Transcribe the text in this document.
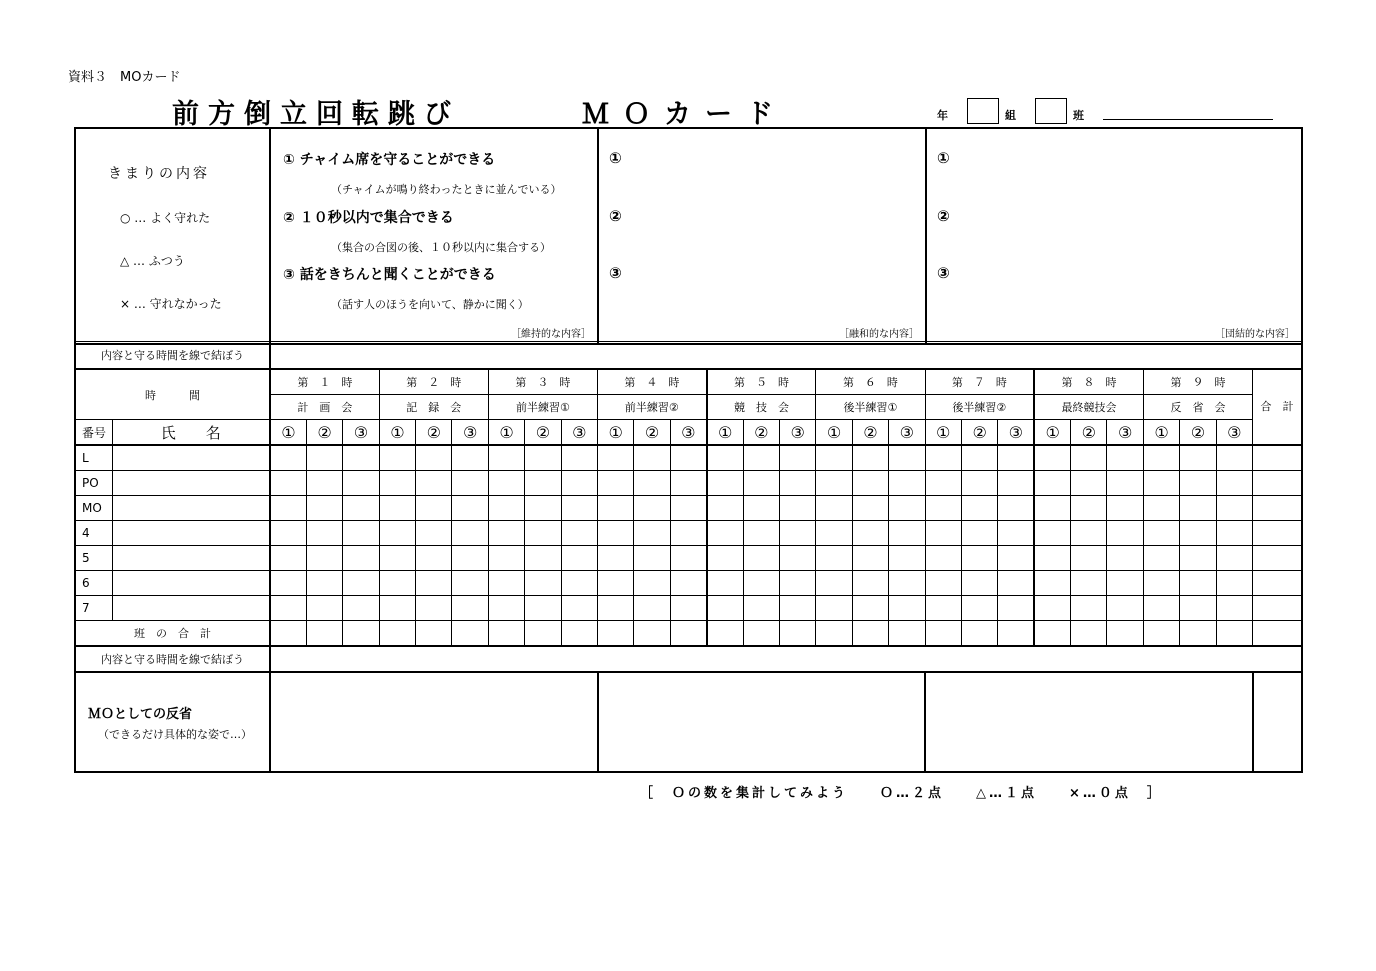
資料３　MOカード
前方倒立回転跳び	ＭＯカード	年	組	班
きまりの内容
○ … よく守れた
△ … ふつう
× … 守れなかった

① チャイム席を守ることができる
（チャイムが鳴り終わったときに並んでいる）
② １０秒以内で集合できる
（集合の合図の後、１０秒以内に集合する）
③ 話をきちんと聞くことができる
（話す人のほうを向いて、静かに聞く）
［維持的な内容］

①
②
③
［融和的な内容］

①
②
③
［団結的な内容］
内容と守る時間を線で結ぼう																													
時　　　間		第　１　時			第　２　時			第　３　時			第　４　時			第　５　時			第　６　時			第　７　時			第　８　時			第　９　時			合　計
		計　画　会			記　録　会			前半練習①			前半練習②			競　技　会			後半練習①			後半練習②			最終競技会			反　省　会			
番号	氏　　名	①	②	③	①	②	③	①	②	③	①	②	③	①	②	③	①	②	③	①	②	③	①	②	③	①	②	③	
L																													
PO																													
MO																													
4																													
5																													
6																													
7																													
班　の　合　計																													
内容と守る時間を線で結ぼう																													

ＭＯとしての反省
（できるだけ具体的な姿で…）																													

［　Ｏの数を集計してみよう　　Ｏ…２点　　△…１点　　×…０点　］
